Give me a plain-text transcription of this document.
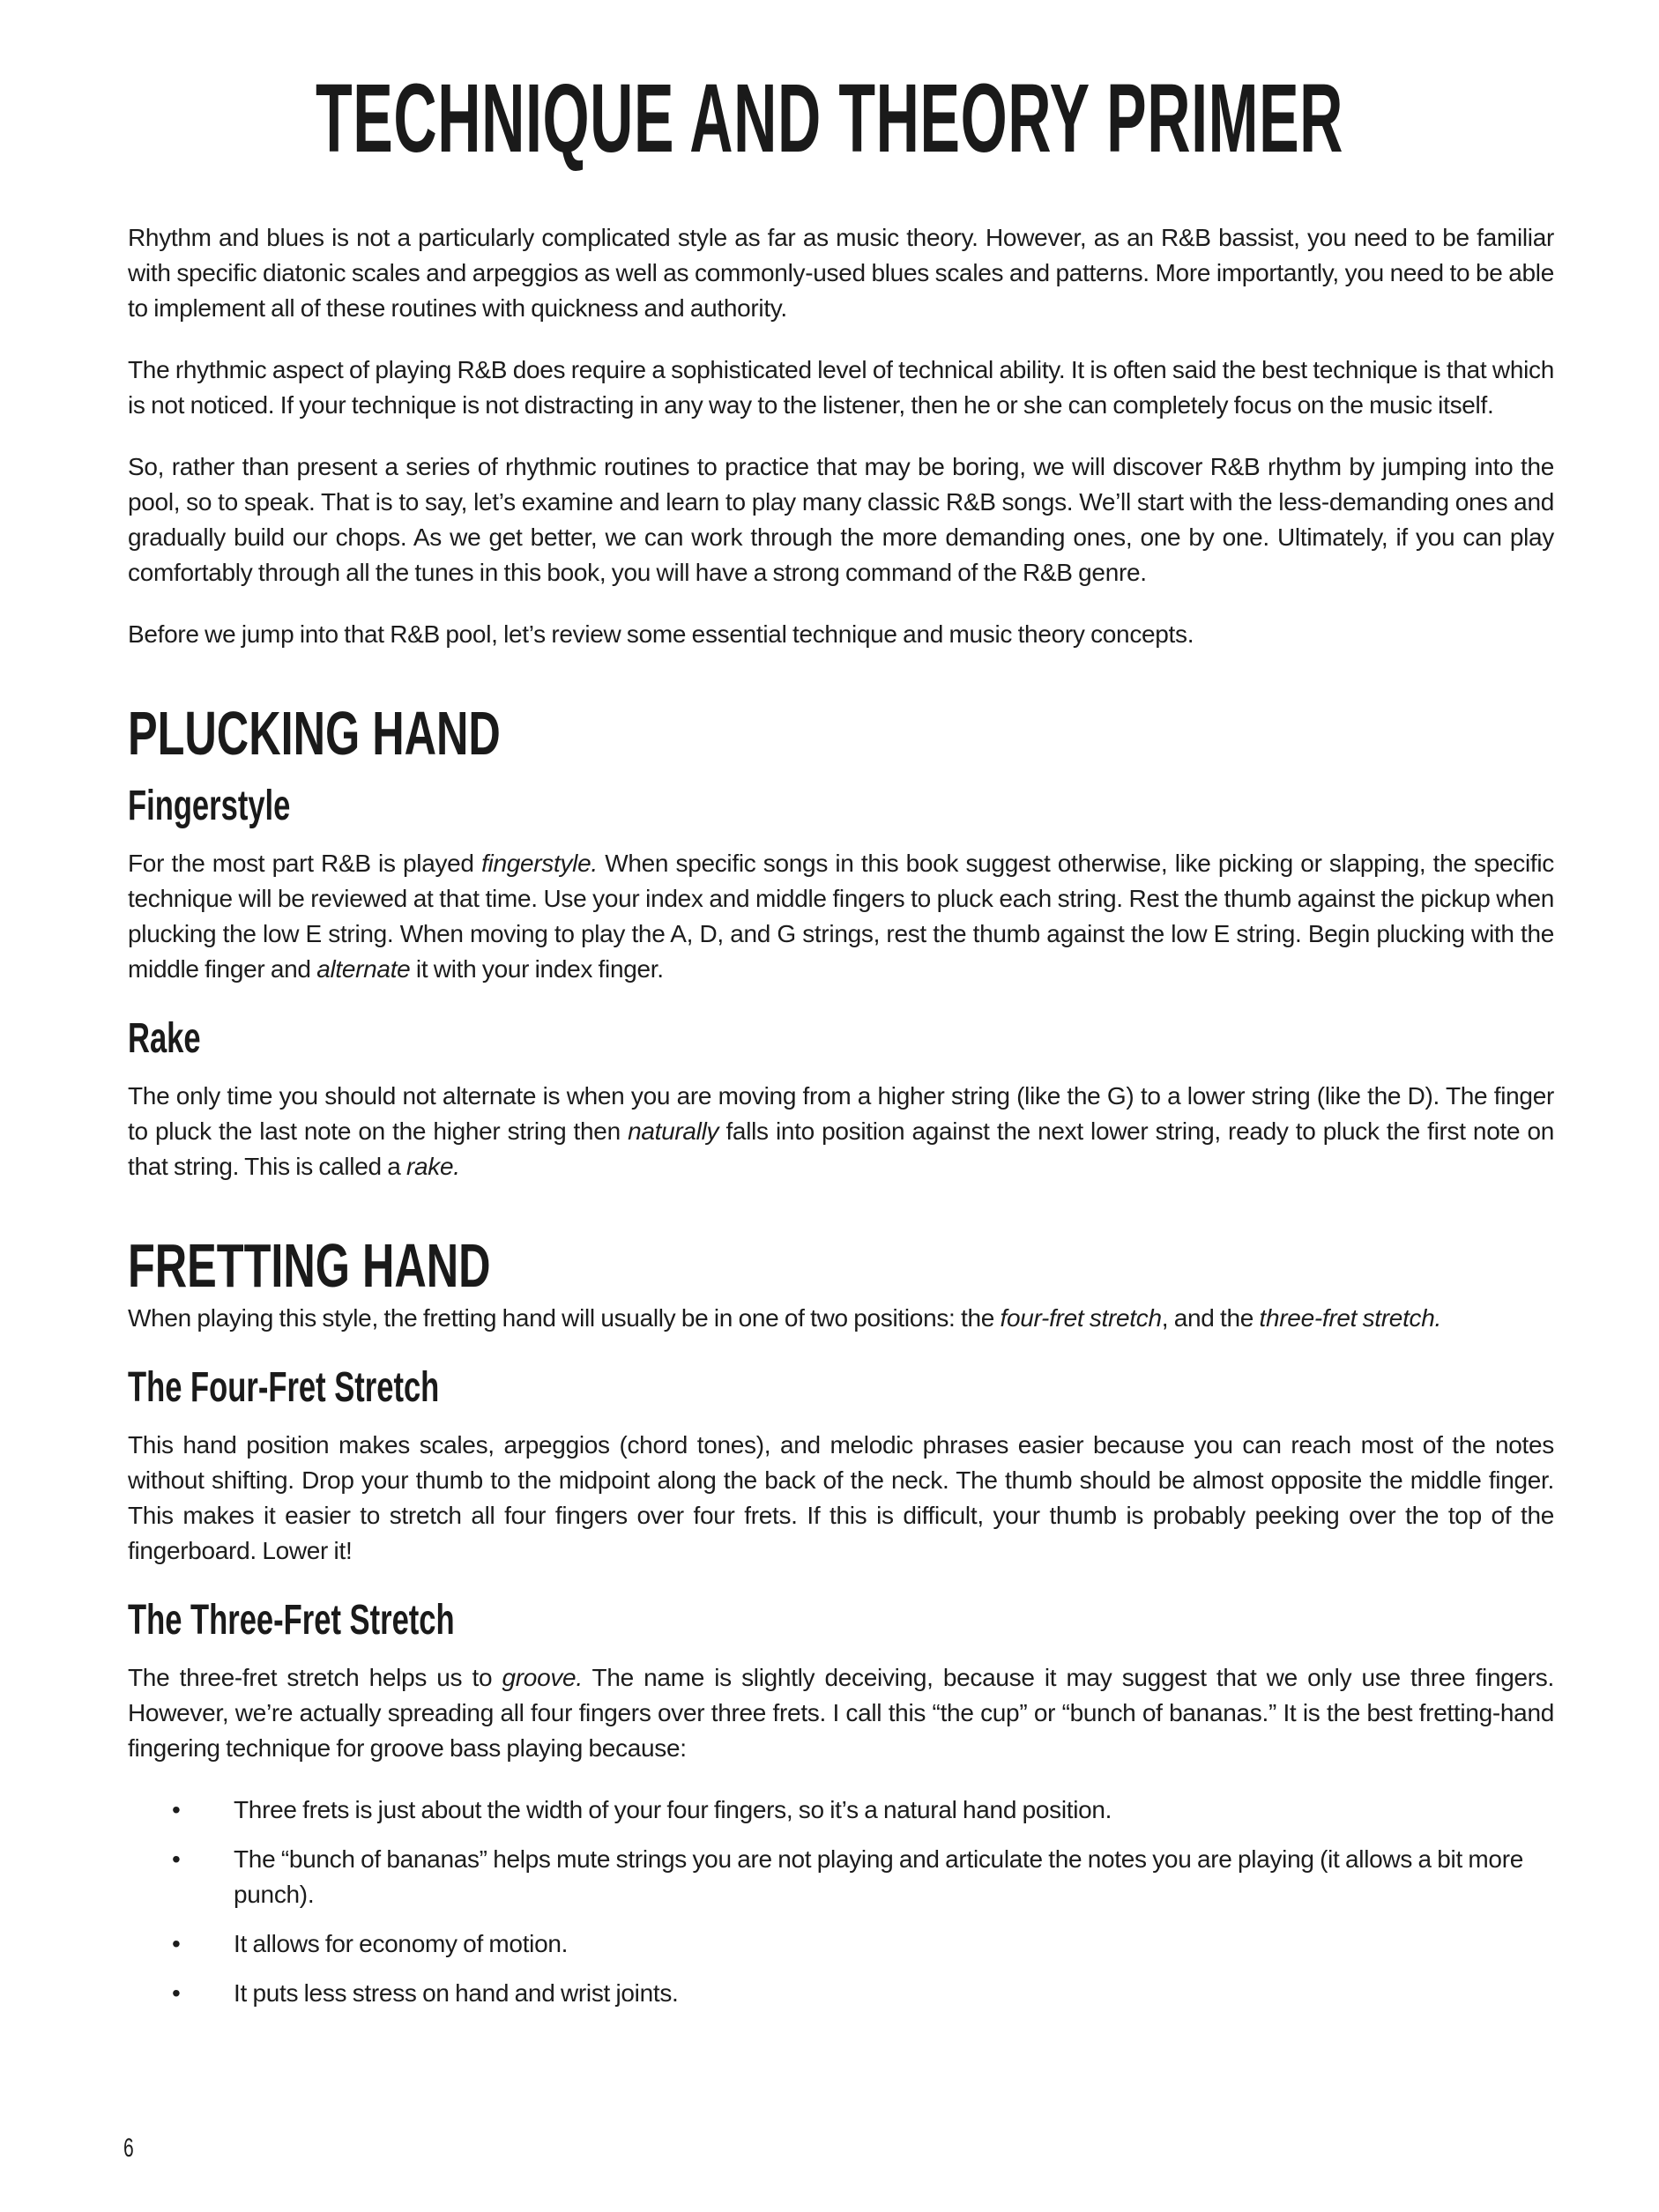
TECHNIQUE AND THEORY PRIMER

Rhythm and blues is not a particularly complicated style as far as music theory. However, as an R&B bassist, you need to be familiar with specific diatonic scales and arpeggios as well as commonly-used blues scales and patterns. More importantly, you need to be able to implement all of these routines with quickness and authority.

The rhythmic aspect of playing R&B does require a sophisticated level of technical ability. It is often said the best technique is that which is not noticed. If your technique is not distracting in any way to the listener, then he or she can completely focus on the music itself.

So, rather than present a series of rhythmic routines to practice that may be boring, we will discover R&B rhythm by jumping into the pool, so to speak. That is to say, let’s examine and learn to play many classic R&B songs. We’ll start with the less-demanding ones and gradually build our chops. As we get better, we can work through the more demanding ones, one by one. Ultimately, if you can play comfortably through all the tunes in this book, you will have a strong command of the R&B genre.

Before we jump into that R&B pool, let’s review some essential technique and music theory concepts.

PLUCKING HAND
Fingerstyle

For the most part R&B is played fingerstyle. When specific songs in this book suggest otherwise, like picking or slapping, the specific technique will be reviewed at that time. Use your index and middle fingers to pluck each string. Rest the thumb against the pickup when plucking the low E string. When moving to play the A, D, and G strings, rest the thumb against the low E string. Begin plucking with the middle finger and alternate it with your index finger.

Rake

The only time you should not alternate is when you are moving from a higher string (like the G) to a lower string (like the D). The finger to pluck the last note on the higher string then naturally falls into position against the next lower string, ready to pluck the first note on that string. This is called a rake.

FRETTING HAND

When playing this style, the fretting hand will usually be in one of two positions: the four-fret stretch, and the three-fret stretch.

The Four-Fret Stretch

This hand position makes scales, arpeggios (chord tones), and melodic phrases easier because you can reach most of the notes without shifting. Drop your thumb to the midpoint along the back of the neck. The thumb should be almost opposite the middle finger. This makes it easier to stretch all four fingers over four frets. If this is difficult, your thumb is probably peeking over the top of the fingerboard. Lower it!

The Three-Fret Stretch

The three-fret stretch helps us to groove. The name is slightly deceiving, because it may suggest that we only use three fingers. However, we’re actually spreading all four fingers over three frets. I call this “the cup” or “bunch of bananas.” It is the best fretting-hand fingering technique for groove bass playing because:

•	Three frets is just about the width of your four fingers, so it’s a natural hand position.
•	The “bunch of bananas” helps mute strings you are not playing and articulate the notes you are playing (it allows a bit more punch).
•	It allows for economy of motion.
•	It puts less stress on hand and wrist joints.
6
